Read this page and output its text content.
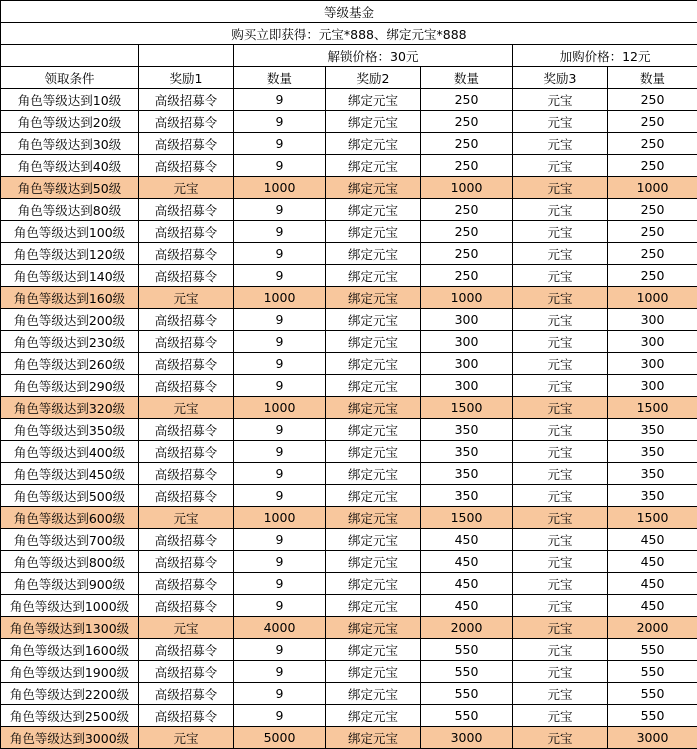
等级基金						
购买立即获得：元宝*888、绑定元宝*888						
		解锁价格：30元			加购价格：12元	
领取条件	奖励1	数量	奖励2	数量	奖励3	数量
角色等级达到10级	高级招募令	9	绑定元宝	250	元宝	250
角色等级达到20级	高级招募令	9	绑定元宝	250	元宝	250
角色等级达到30级	高级招募令	9	绑定元宝	250	元宝	250
角色等级达到40级	高级招募令	9	绑定元宝	250	元宝	250
角色等级达到50级	元宝	1000	绑定元宝	1000	元宝	1000
角色等级达到80级	高级招募令	9	绑定元宝	250	元宝	250
角色等级达到100级	高级招募令	9	绑定元宝	250	元宝	250
角色等级达到120级	高级招募令	9	绑定元宝	250	元宝	250
角色等级达到140级	高级招募令	9	绑定元宝	250	元宝	250
角色等级达到160级	元宝	1000	绑定元宝	1000	元宝	1000
角色等级达到200级	高级招募令	9	绑定元宝	300	元宝	300
角色等级达到230级	高级招募令	9	绑定元宝	300	元宝	300
角色等级达到260级	高级招募令	9	绑定元宝	300	元宝	300
角色等级达到290级	高级招募令	9	绑定元宝	300	元宝	300
角色等级达到320级	元宝	1000	绑定元宝	1500	元宝	1500
角色等级达到350级	高级招募令	9	绑定元宝	350	元宝	350
角色等级达到400级	高级招募令	9	绑定元宝	350	元宝	350
角色等级达到450级	高级招募令	9	绑定元宝	350	元宝	350
角色等级达到500级	高级招募令	9	绑定元宝	350	元宝	350
角色等级达到600级	元宝	1000	绑定元宝	1500	元宝	1500
角色等级达到700级	高级招募令	9	绑定元宝	450	元宝	450
角色等级达到800级	高级招募令	9	绑定元宝	450	元宝	450
角色等级达到900级	高级招募令	9	绑定元宝	450	元宝	450
角色等级达到1000级	高级招募令	9	绑定元宝	450	元宝	450
角色等级达到1300级	元宝	4000	绑定元宝	2000	元宝	2000
角色等级达到1600级	高级招募令	9	绑定元宝	550	元宝	550
角色等级达到1900级	高级招募令	9	绑定元宝	550	元宝	550
角色等级达到2200级	高级招募令	9	绑定元宝	550	元宝	550
角色等级达到2500级	高级招募令	9	绑定元宝	550	元宝	550
角色等级达到3000级	元宝	5000	绑定元宝	3000	元宝	3000
